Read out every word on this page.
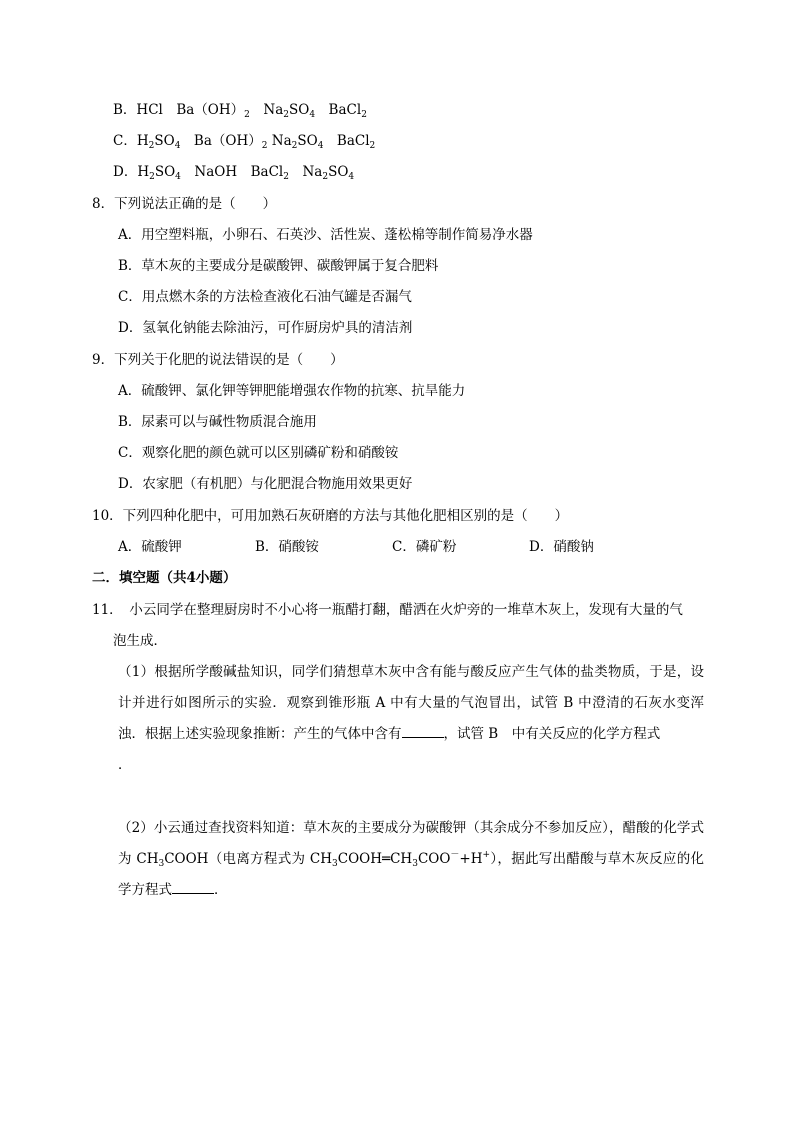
B．HCl　$Ba(OH)_2$　$Na_2SO_4$　BaCl$_2$
C．$H_2SO_4$　$Ba(OH)_2$ $Na_2SO_4$　BaCl$_2$
D．$H_2SO_4$　NaOH　BaCl$_2$　$Na_2SO_4$
8．下列说法正确的是（　　）
A．用空塑料瓶，小卵石、石英沙、活性炭、蓬松棉等制作简易净水器
B．草木灰的主要成分是碳酸钾、碳酸钾属于复合肥料
C．用点燃木条的方法检查液化石油气罐是否漏气
D．氢氧化钠能去除油污，可作厨房炉具的清洁剂
9．下列关于化肥的说法错误的是（　　）
A．硫酸钾、氯化钾等钾肥能增强农作物的抗寒、抗旱能力
B．尿素可以与碱性物质混合施用
C．观察化肥的颜色就可以区别磷矿粉和硝酸铵
D．农家肥（有机肥）与化肥混合物施用效果更好
10．下列四种化肥中，可用加熟石灰研磨的方法与其他化肥相区别的是（　　）
A．硫酸钾	B．硝酸铵	C．磷矿粉	D．硝酸钠
二．填空题（共4小题）
11．　小云同学在整理厨房时不小心将一瓶醋打翻，醋洒在火炉旁的一堆草木灰上，发现有大量的气
泡生成．
（1）根据所学酸碱盐知识，同学们猜想草木灰中含有能与酸反应产生气体的盐类物质，于是，设计并进行如图所示的实验．观察到锥形瓶 A 中有大量的气泡冒出，试管 B 中澄清的石灰水变浑浊．根据上述实验现象推断：产生的气体中含有	，试管 B　中有关反应的化学方程式
．
（2）小云通过查找资料知道：草木灰的主要成分为碳酸钾（其余成分不参加反应），醋酸的化学式为 $CH_3COOH$（电离方程式为 $CH_3COOH═CH_3COO^-+H^+$），据此写出醋酸与草木灰反应的化学方程式	．
